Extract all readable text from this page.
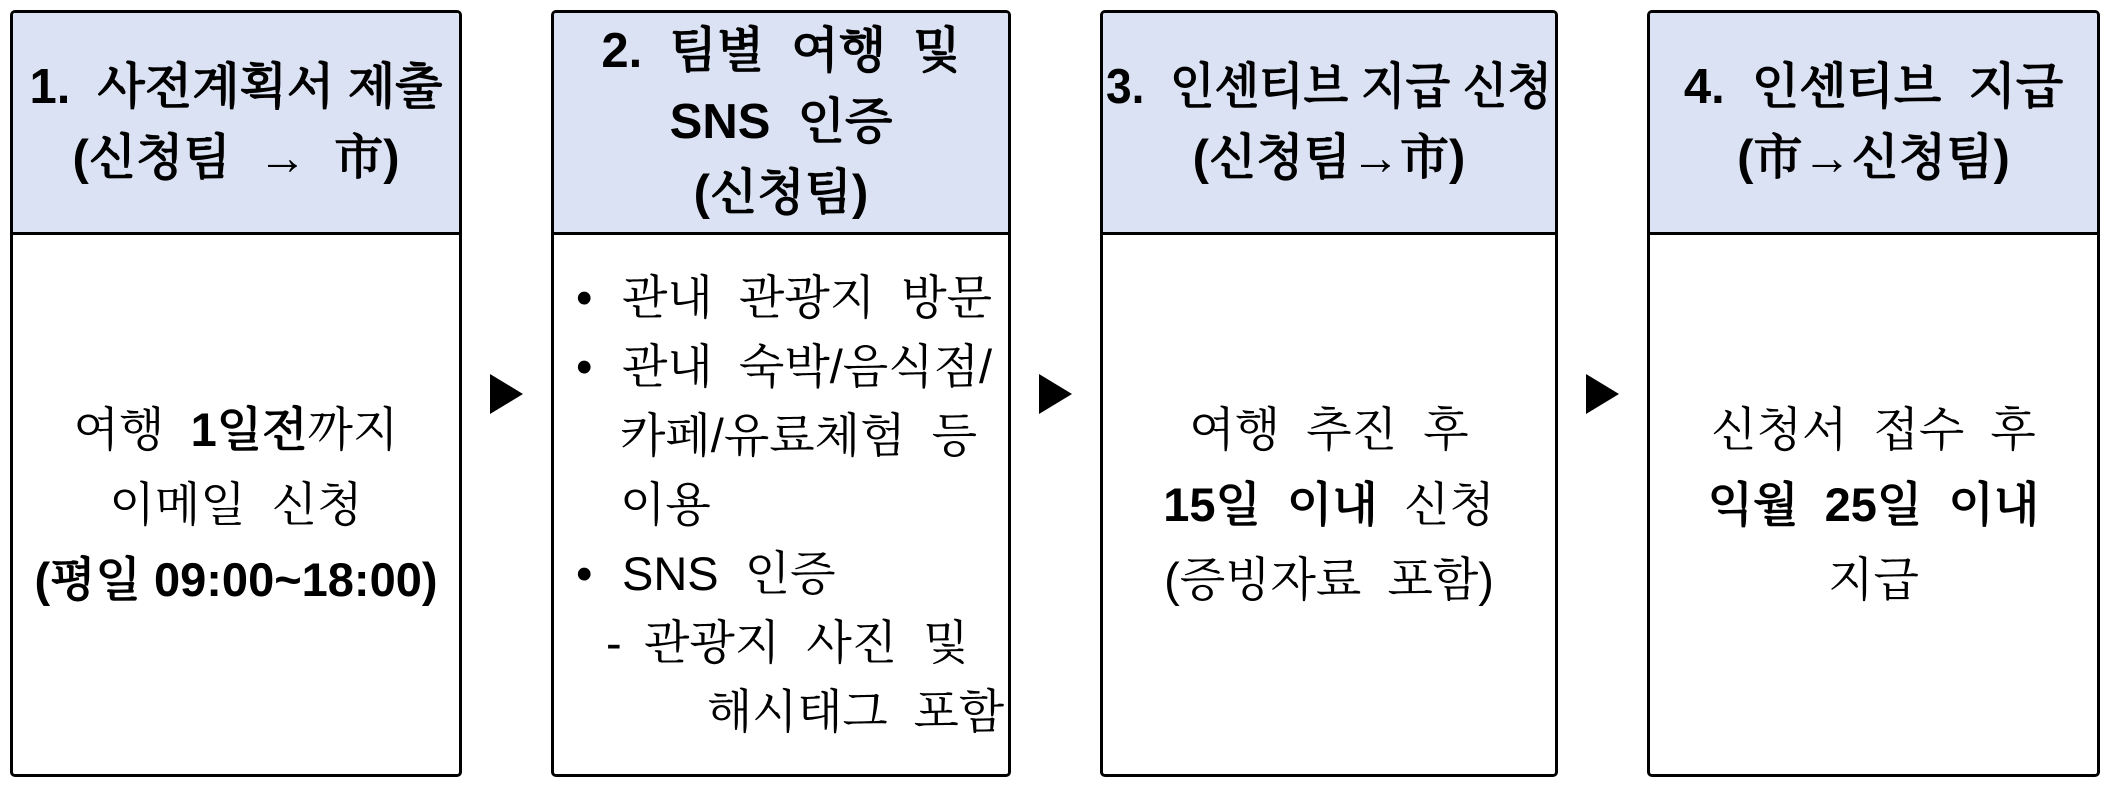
1.  사전계획서 제출
(신청팀  →  市)
여행  1일전까지
이메일  신청
(평일 09:00~18:00)
2.  팀별  여행  및
SNS  인증
(신청팀)
• 관내  관광지  방문
• 관내  숙박/음식점/
카페/유료체험  등
이용
• SNS  인증
- 관광지  사진  및
해시태그  포함
3.  인센티브 지급 신청
(신청팀→市)
여행  추진  후
15일  이내  신청
(증빙자료  포함)
4.  인센티브  지급
(市→신청팀)
신청서  접수  후
익월  25일  이내
지급
